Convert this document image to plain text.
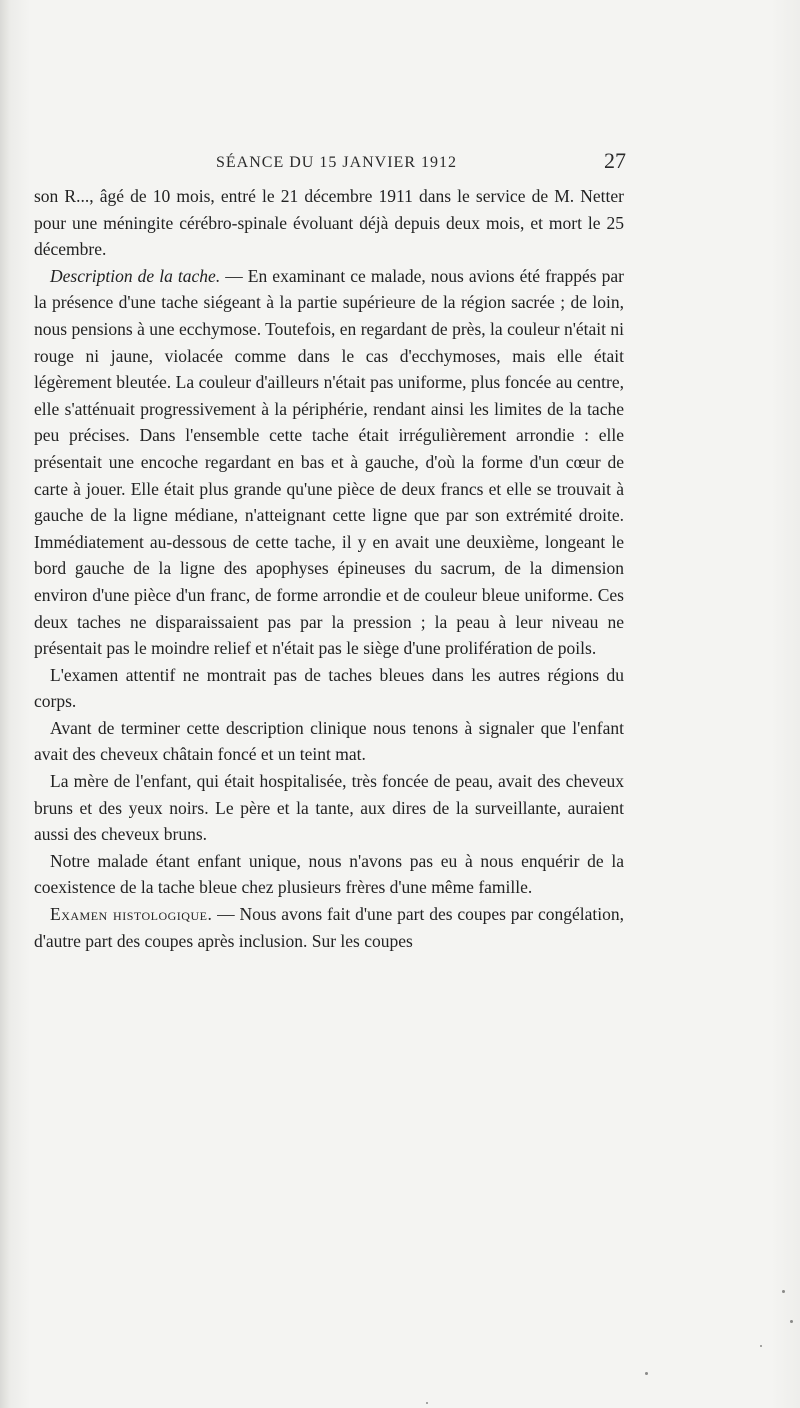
SÉANCE DU 15 JANVIER 1912	27

son R..., âgé de 10 mois, entré le 21 décembre 1911 dans le service de M. Netter pour une méningite cérébro-spinale évoluant déjà depuis deux mois, et mort le 25 décembre.

Description de la tache. — En examinant ce malade, nous avions été frappés par la présence d'une tache siégeant à la partie supérieure de la région sacrée ; de loin, nous pensions à une ecchymose. Toutefois, en regardant de près, la couleur n'était ni rouge ni jaune, violacée comme dans le cas d'ecchymoses, mais elle était légèrement bleutée. La couleur d'ailleurs n'était pas uniforme, plus foncée au centre, elle s'atténuait progressivement à la périphérie, rendant ainsi les limites de la tache peu précises. Dans l'ensemble cette tache était irrégulièrement arrondie : elle présentait une encoche regardant en bas et à gauche, d'où la forme d'un cœur de carte à jouer. Elle était plus grande qu'une pièce de deux francs et elle se trouvait à gauche de la ligne médiane, n'atteignant cette ligne que par son extrémité droite. Immédiatement au-dessous de cette tache, il y en avait une deuxième, longeant le bord gauche de la ligne des apophyses épineuses du sacrum, de la dimension environ d'une pièce d'un franc, de forme arrondie et de couleur bleue uniforme. Ces deux taches ne disparaissaient pas par la pression ; la peau à leur niveau ne présentait pas le moindre relief et n'était pas le siège d'une prolifération de poils.

L'examen attentif ne montrait pas de taches bleues dans les autres régions du corps.

Avant de terminer cette description clinique nous tenons à signaler que l'enfant avait des cheveux châtain foncé et un teint mat.

La mère de l'enfant, qui était hospitalisée, très foncée de peau, avait des cheveux bruns et des yeux noirs. Le père et la tante, aux dires de la surveillante, auraient aussi des cheveux bruns.

Notre malade étant enfant unique, nous n'avons pas eu à nous enquérir de la coexistence de la tache bleue chez plusieurs frères d'une même famille.

Examen histologique. — Nous avons fait d'une part des coupes par congélation, d'autre part des coupes après inclusion. Sur les coupes
